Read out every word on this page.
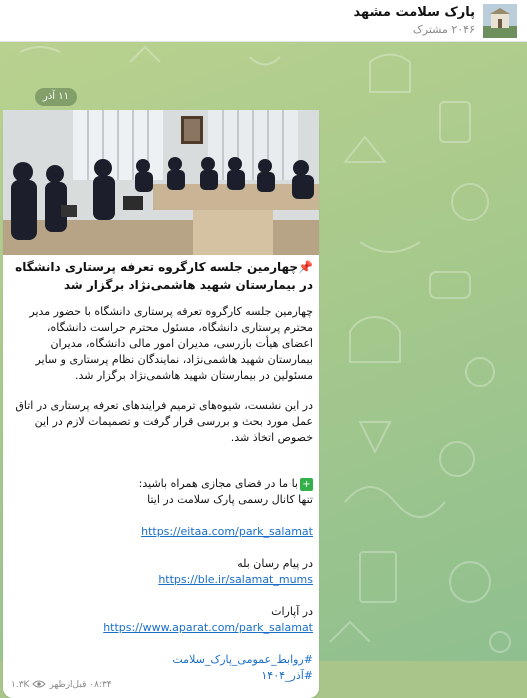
پارک سلامت مشهد
۲۰۴۶ مشترک
۱۱ آذر
📌چهارمین جلسه کارگروه تعرفه پرستاری دانشگاه در بیمارستان شهید هاشمی‌نژاد برگزار شد
چهارمین جلسه کارگروه تعرفه پرستاری دانشگاه با حضور مدیر محترم پرستاری دانشگاه، مسئول محترم حراست دانشگاه، اعضای هیأت بازرسی، مدیران امور مالی دانشگاه، مدیران بیمارستان شهید هاشمی‌نژاد، نمایندگان نظام پرستاری و سایر مسئولین در بیمارستان شهید هاشمی‌نژاد برگزار شد.
در این نشست، شیوه‌های ترمیم فرایندهای تعرفه پرستاری در اتاق عمل مورد بحث و بررسی قرار گرفت و تصمیمات لازم در این خصوص اتخاذ شد.
+با ما در فضای مجازی همراه باشید:
تنها کانال رسمی پارک سلامت در ایتا
https://eitaa.com/park_salamat
در پیام رسان بله
https://ble.ir/salamat_mums
در آپارات
https://www.aparat.com/park_salamat
#روابط_عمومی_پارک_سلامت
#آذر_۱۴۰۴
۰۸:۳۴ قبل‌ازظهر
۱.۳K
